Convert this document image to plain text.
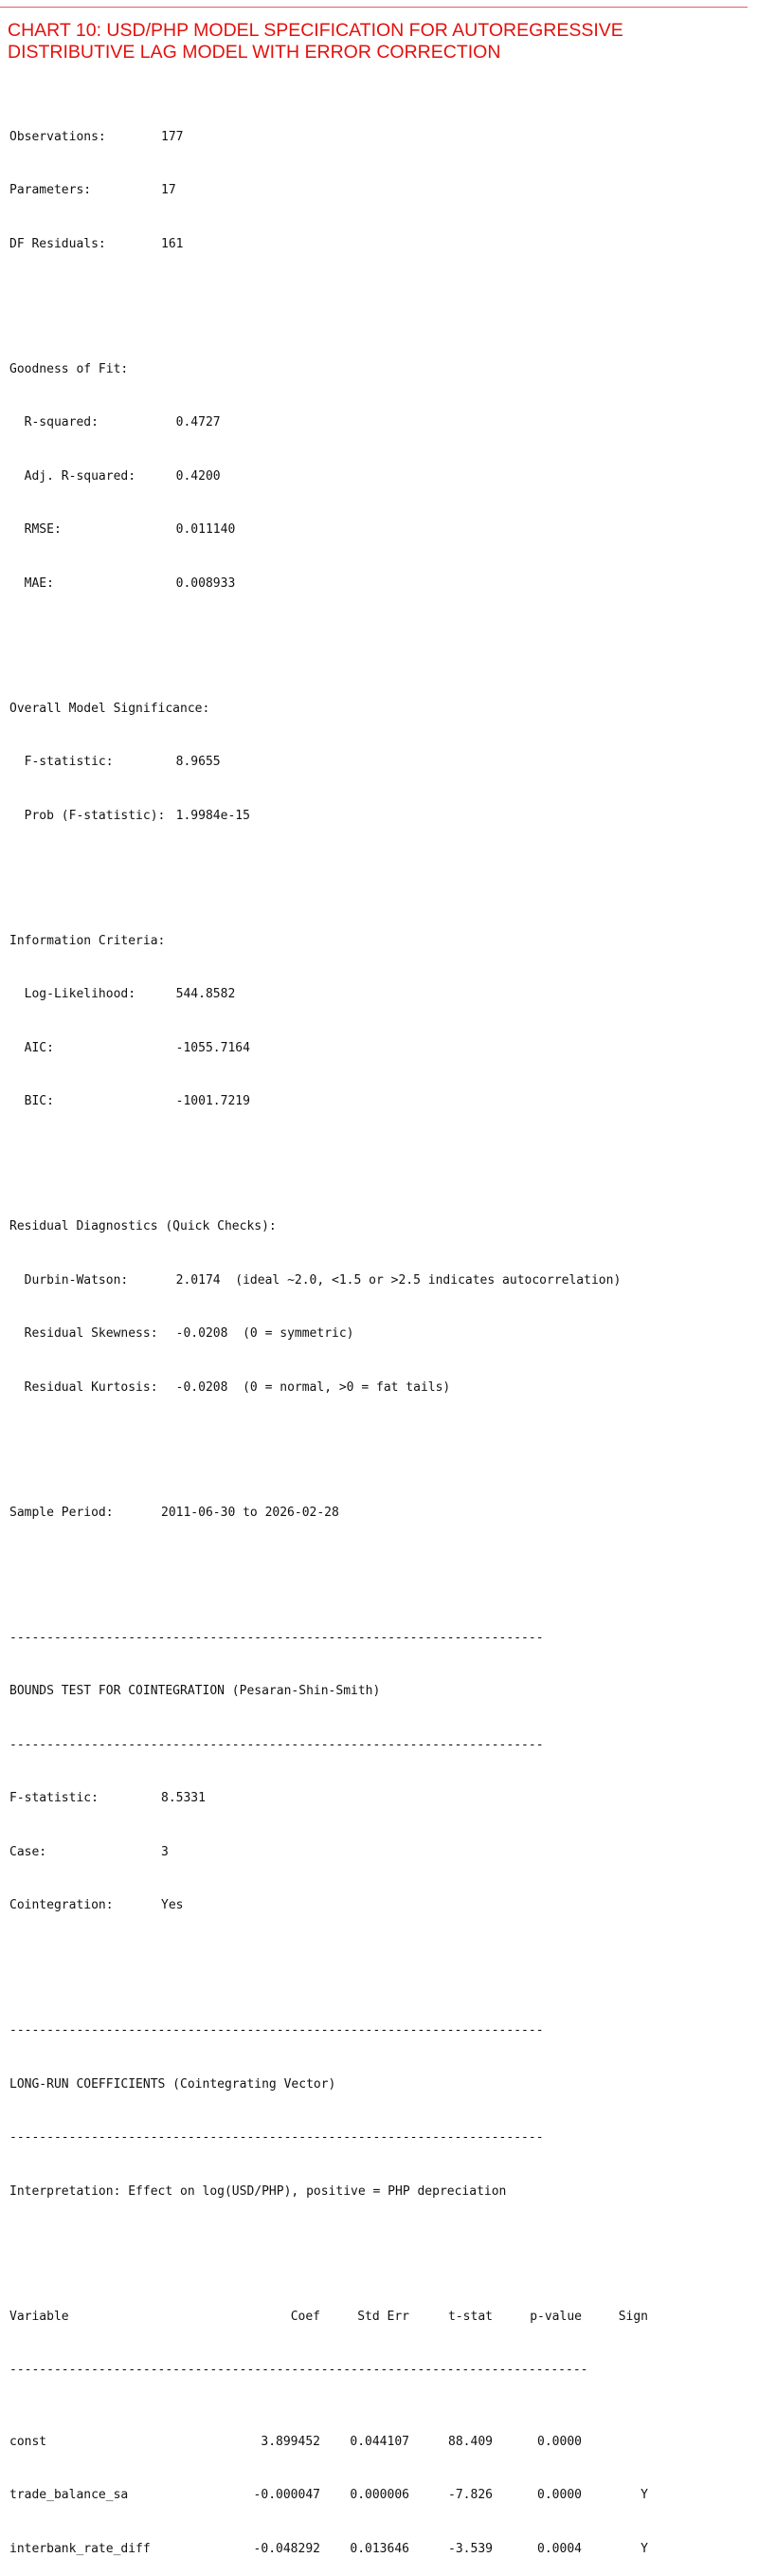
CHART 10: USD/PHP MODEL SPECIFICATION FOR AUTOREGRESSIVE
DISTRIBUTIVE LAG MODEL WITH ERROR CORRECTION

Observations:	177

Parameters:	17

DF Residuals:	161

Goodness of Fit:

R-squared:	0.4727

Adj. R-squared:	0.4200

RMSE:	0.011140

MAE:	0.008933

Overall Model Significance:

F-statistic:	8.9655

Prob (F-statistic): 1.9984e-15

Information Criteria:

Log-Likelihood:	544.8582

AIC:	-1055.7164

BIC:	-1001.7219

Residual Diagnostics (Quick Checks):

Durbin-Watson:	2.0174 (ideal ~2.0, <1.5 or >2.5 indicates autocorrelation)

Residual Skewness: -0.0208 (0 = symmetric)

Residual Kurtosis: -0.0208 (0 = normal, >0 = fat tails)

Sample Period:	2011-06-30 to 2026-02-28

------------------------------------------------------------------------

BOUNDS TEST FOR COINTEGRATION (Pesaran-Shin-Smith)

------------------------------------------------------------------------

F-statistic:	8.5331

Case:	3

Cointegration:	Yes

------------------------------------------------------------------------

LONG-RUN COEFFICIENTS (Cointegrating Vector)

------------------------------------------------------------------------

Interpretation: Effect on log(USD/PHP), positive = PHP depreciation

Variable	Coef	Std Err	t-stat	p-value	Sign

------------------------------------------------------------------------------

const	3.899452 0.044107	88.409	0.0000

trade_balance_sa	-0.000047 0.000006	-7.826	0.0000	Y

interbank_rate_diff	-0.048292 0.013646	-3.539	0.0004	Y
